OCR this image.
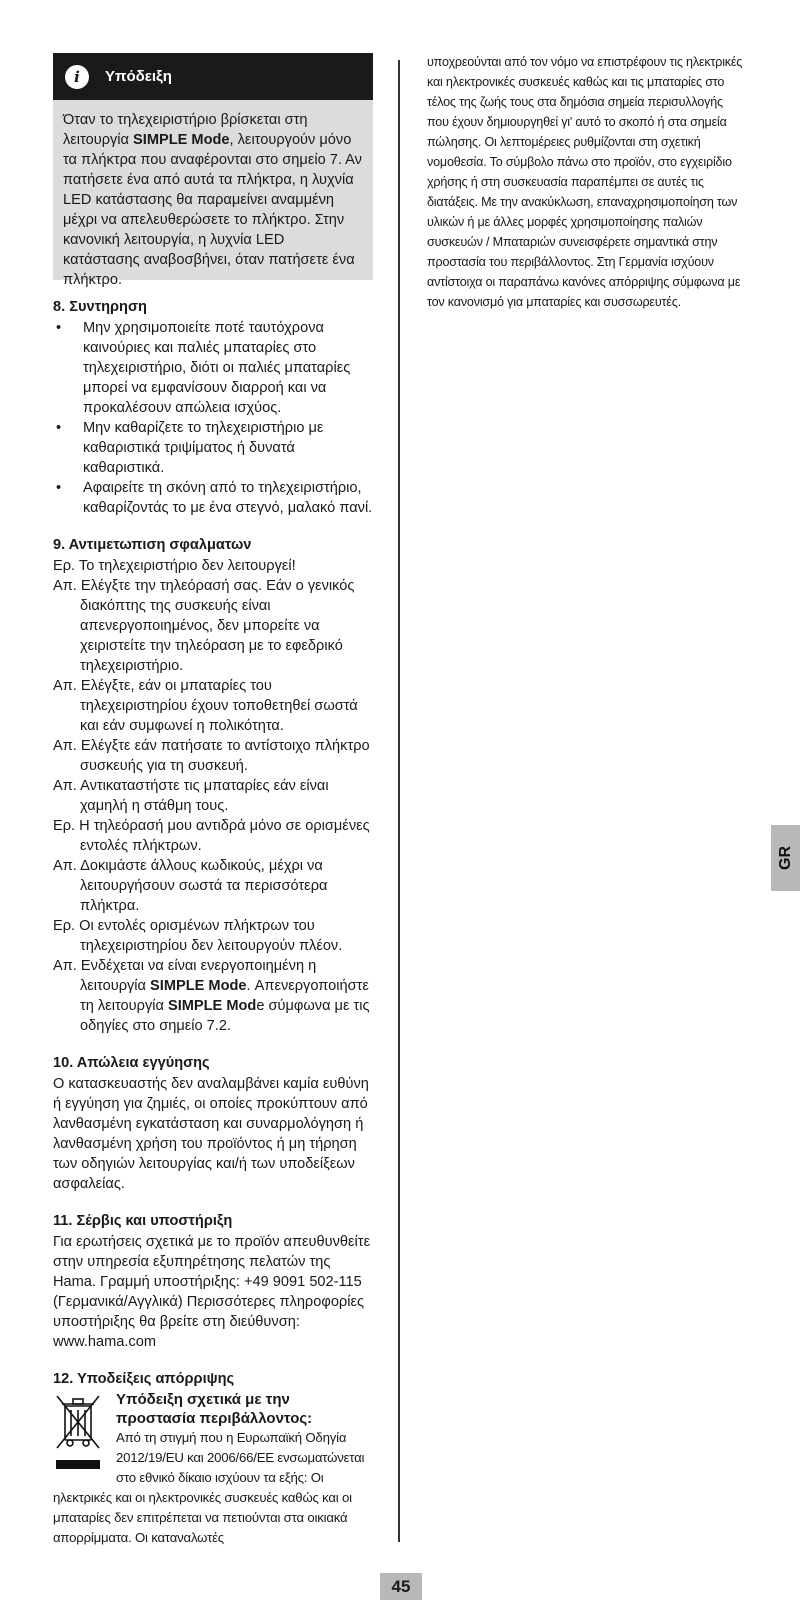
i	Υπόδειξη
Όταν το τηλεχειριστήριο βρίσκεται στη λειτουργία SIMPLE Mode, λειτουργούν μόνο τα πλήκτρα που αναφέρονται στο σημείο 7. Αν πατήσετε ένα από αυτά τα πλήκτρα, η λυχνία LED κατάστασης θα παραμείνει αναμμένη μέχρι να απελευθερώσετε το πλήκτρο. Στην κανονική λειτουργία, η λυχνία LED κατάστασης αναβοσβήνει, όταν πατήσετε ένα πλήκτρο.
8. Συντηρηση
• Μην χρησιμοποιείτε ποτέ ταυτόχρονα καινούριες και παλιές μπαταρίες στο τηλεχειριστήριο, διότι οι παλιές μπαταρίες μπορεί να εμφανίσουν διαρροή και να προκαλέσουν απώλεια ισχύος.
• Μην καθαρίζετε το τηλεχειριστήριο με καθαριστικά τριψίματος ή δυνατά καθαριστικά.
• Αφαιρείτε τη σκόνη από το τηλεχειριστήριο, καθαρίζοντάς το με ένα στεγνό, μαλακό πανί.
9. Αντιμετωπιση σφαλματων

Ερ. Το τηλεχειριστήριο δεν λειτουργεί!

Απ. Ελέγξτε την τηλεόρασή σας. Εάν ο γενικός διακόπτης της συσκευής είναι απενεργοποιημένος, δεν μπορείτε να χειριστείτε την τηλεόραση με το εφεδρικό τηλεχειριστήριο.

Απ. Ελέγξτε, εάν οι μπαταρίες του τηλεχειριστηρίου έχουν τοποθετηθεί σωστά και εάν συμφωνεί η πολικότητα.

Απ. Ελέγξτε εάν πατήσατε το αντίστοιχο πλήκτρο συσκευής για τη συσκευή.

Απ. Αντικαταστήστε τις μπαταρίες εάν είναι χαμηλή η στάθμη τους.

Ερ. Η τηλεόρασή μου αντιδρά μόνο σε ορισμένες εντολές πλήκτρων.

Απ. Δοκιμάστε άλλους κωδικούς, μέχρι να λειτουργήσουν σωστά τα περισσότερα πλήκτρα.

Ερ. Οι εντολές ορισμένων πλήκτρων του τηλεχειριστηρίου δεν λειτουργούν πλέον.

Απ. Ενδέχεται να είναι ενεργοποιημένη η λειτουργία SIMPLE Mode. Απενεργοποιήστε τη λειτουργία SIMPLE Mode σύμφωνα με τις οδηγίες στο σημείο 7.2.

10. Απώλεια εγγύησης

Ο κατασκευαστής δεν αναλαμβάνει καμία ευθύνη ή εγγύηση για ζημιές, οι οποίες προκύπτουν από λανθασμένη εγκατάσταση και συναρμολόγηση ή λανθασμένη χρήση του προϊόντος ή μη τήρηση των οδηγιών λειτουργίας και/ή των υποδείξεων ασφαλείας.

11. Σέρβις και υποστήριξη

Για ερωτήσεις σχετικά με το προϊόν απευθυνθείτε στην υπηρεσία εξυπηρέτησης πελατών της Hama. Γραμμή υποστήριξης: +49 9091 502-115 (Γερμανικά/Αγγλικά) Περισσότερες πληροφορίες υποστήριξης θα βρείτε στη διεύθυνση: www.hama.com

12. Υποδείξεις απόρριψης
Υπόδειξη σχετικά με την προστασία περιβάλλοντος:

Από τη στιγμή που η Ευρωπαϊκή Οδηγία 2012/19/EU και 2006/66/EE ενσωματώνεται στο εθνικό δίκαιο ισχύουν τα εξής: Οι ηλεκτρικές και οι ηλεκτρονικές συσκευές καθώς και οι μπαταρίες δεν επιτρέπεται να πετιούνται στα οικιακά απορρίμματα. Οι καταναλωτές

υποχρεούνται από τον νόμο να επιστρέφουν τις ηλεκτρικές και ηλεκτρονικές συσκευές καθώς και τις μπαταρίες στο τέλος της ζωής τους στα δημόσια σημεία περισυλλογής που έχουν δημιουργηθεί γι' αυτό το σκοπό ή στα σημεία πώλησης. Οι λεπτομέρειες ρυθμίζονται στη σχετική νομοθεσία. Το σύμβολο πάνω στο προϊόν, στο εγχειρίδιο χρήσης ή στη συσκευασία παραπέμπει σε αυτές τις διατάξεις. Με την ανακύκλωση, επαναχρησιμοποίηση των υλικών ή με άλλες μορφές χρησιμοποίησης παλιών συσκευών / Μπαταριών συνεισφέρετε σημαντικά στην προστασία του περιβάλλοντος. Στη Γερμανία ισχύουν αντίστοιχα οι παραπάνω κανόνες απόρριψης σύμφωνα με τον κανονισμό για μπαταρίες και συσσωρευτές.

GR
45
